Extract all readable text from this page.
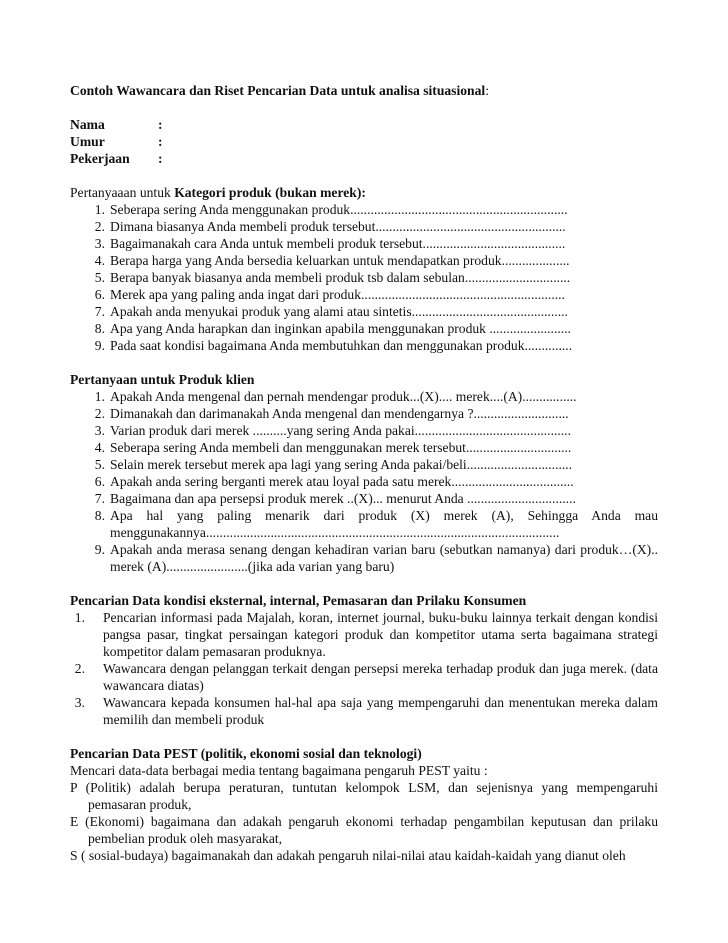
Contoh Wawancara dan Riset Pencarian Data untuk analisa situasional:

Nama	:
Umur	:
Pekerjaan	:
Pertanyaaan untuk Kategori produk (bukan merek):
1. Seberapa sering Anda menggunakan produk................................................................
2. Dimana biasanya Anda membeli produk tersebut........................................................
3. Bagaimanakah cara Anda untuk membeli produk tersebut..........................................
4. Berapa harga yang Anda bersedia keluarkan untuk mendapatkan produk....................
5. Berapa banyak biasanya anda membeli produk tsb dalam sebulan...............................
6. Merek apa yang paling anda ingat dari produk............................................................
7. Apakah anda menyukai produk yang alami atau sintetis..............................................
8. Apa yang Anda harapkan dan inginkan apabila menggunakan produk ........................
9. Pada saat kondisi bagaimana Anda membutuhkan dan menggunakan produk..............
Pertanyaan untuk Produk klien
1. Apakah Anda mengenal dan pernah mendengar produk...(X).... merek....(A)................
2. Dimanakah dan darimanakah Anda mengenal dan mendengarnya ?............................
3. Varian produk dari merek ..........yang sering Anda pakai..............................................
4. Seberapa sering Anda membeli dan menggunakan merek tersebut...............................
5. Selain merek tersebut merek apa lagi yang sering Anda pakai/beli...............................
6. Apakah anda sering berganti merek atau loyal pada satu merek....................................
7. Bagaimana dan apa persepsi produk merek ..(X)... menurut Anda ................................
8. Apa hal yang paling menarik dari produk (X) merek (A), Sehingga Anda mau menggunakannya........................................................................................................
9. Apakah anda merasa senang dengan kehadiran varian baru (sebutkan namanya) dari produk…(X).. merek (A)........................(jika ada varian yang baru)
Pencarian Data kondisi eksternal, internal, Pemasaran dan Prilaku Konsumen
1.	Pencarian informasi pada Majalah, koran, internet journal, buku-buku lainnya terkait dengan kondisi pangsa pasar, tingkat persaingan kategori produk dan kompetitor utama serta bagaimana strategi kompetitor dalam pemasaran produknya.
2.	Wawancara dengan pelanggan terkait dengan persepsi mereka terhadap produk dan juga merek. (data wawancara diatas)
3.	Wawancara kepada konsumen hal-hal apa saja yang mempengaruhi dan menentukan mereka dalam memilih dan membeli produk
Pencarian Data PEST (politik, ekonomi sosial dan teknologi)
Mencari data-data berbagai media tentang bagaimana pengaruh PEST yaitu :
P (Politik) adalah berupa peraturan, tuntutan kelompok LSM, dan sejenisnya yang mempengaruhi pemasaran produk,
E (Ekonomi) bagaimana dan adakah pengaruh ekonomi terhadap pengambilan keputusan dan prilaku pembelian produk oleh masyarakat,
S ( sosial-budaya) bagaimanakah dan adakah pengaruh nilai-nilai atau kaidah-kaidah yang dianut oleh
